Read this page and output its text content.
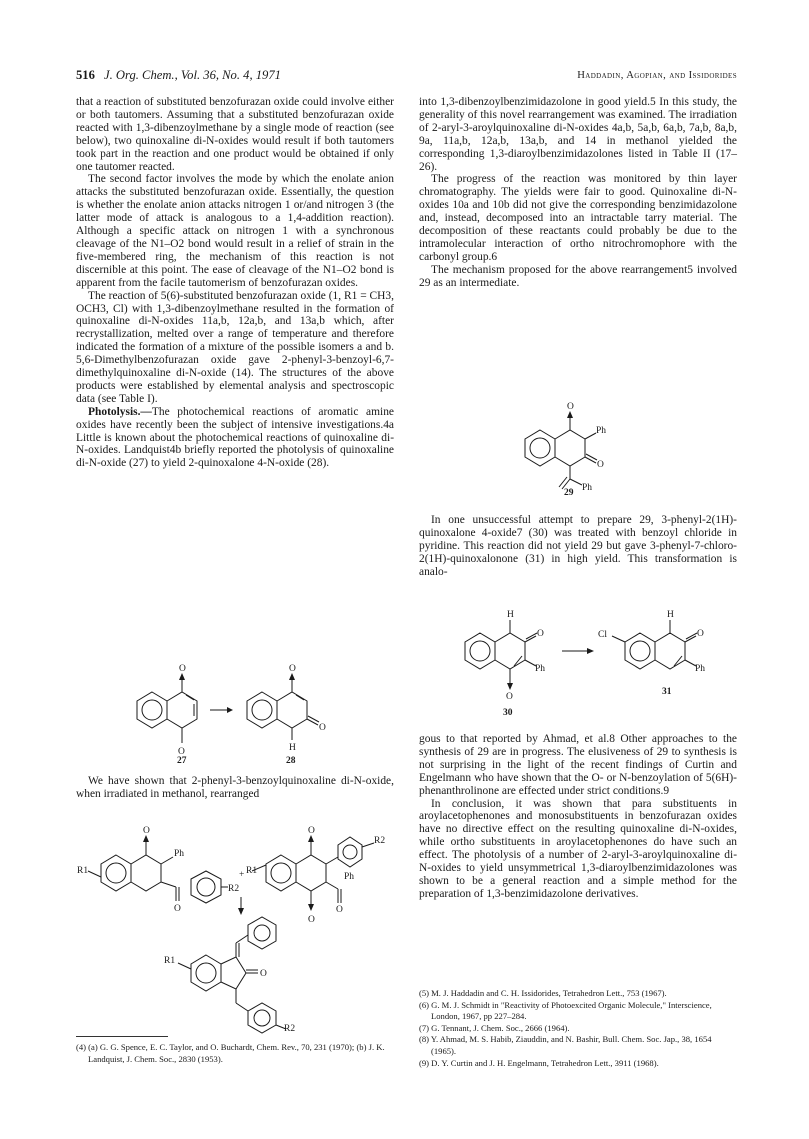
516 J. Org. Chem., Vol. 36, No. 4, 1971	Haddadin, Agopian, and Issidorides

that a reaction of substituted benzofurazan oxide could involve either or both tautomers. Assuming that a substituted benzofurazan oxide reacted with 1,3-dibenzoylmethane by a single mode of reaction (see below), two quinoxaline di-N-oxides would result if both tautomers took part in the reaction and one product would be obtained if only one tautomer reacted.

The second factor involves the mode by which the enolate anion attacks the substituted benzofurazan oxide. Essentially, the question is whether the enolate anion attacks nitrogen 1 or/and nitrogen 3 (the latter mode of attack is analogous to a 1,4-addition reaction). Although a specific attack on nitrogen 1 with a synchronous cleavage of the N1–O2 bond would result in a relief of strain in the five-membered ring, the mechanism of this reaction is not discernible at this point. The ease of cleavage of the N1–O2 bond is apparent from the facile tautomerism of benzofurazan oxides.

The reaction of 5(6)-substituted benzofurazan oxide (1, R1 = CH3, OCH3, Cl) with 1,3-dibenzoylmethane resulted in the formation of quinoxaline di-N-oxides 11a,b, 12a,b, and 13a,b which, after recrystallization, melted over a range of temperature and therefore indicated the formation of a mixture of the possible isomers a and b. 5,6-Dimethylbenzofurazan oxide gave 2-phenyl-3-benzoyl-6,7-dimethylquinoxaline di-N-oxide (14). The structures of the above products were established by elemental analysis and spectroscopic data (see Table I).

Photolysis.—The photochemical reactions of aromatic amine oxides have recently been the subject of intensive investigations.4a Little is known about the photochemical reactions of quinoxaline di-N-oxides. Landquist4b briefly reported the photolysis of quinoxaline di-N-oxide (27) to yield 2-quinoxalone 4-N-oxide (28).

O
O
O
H
O
27	28

We have shown that 2-phenyl-3-benzoylquinoxaline di-N-oxide, when irradiated in methanol, rearranged

O
Ph
R1
R2
O
+
O
O
R1
R2
Ph
O
R1
O
R2

into 1,3-dibenzoylbenzimidazolone in good yield.5 In this study, the generality of this novel rearrangement was examined. The irradiation of 2-aryl-3-aroylquinoxaline di-N-oxides 4a,b, 5a,b, 6a,b, 7a,b, 8a,b, 9a, 11a,b, 12a,b, 13a,b, and 14 in methanol yielded the corresponding 1,3-diaroylbenzimidazolones listed in Table II (17–26).

The progress of the reaction was monitored by thin layer chromatography. The yields were fair to good. Quinoxaline di-N-oxides 10a and 10b did not give the corresponding benzimidazolone and, instead, decomposed into an intractable tarry material. The decomposition of these reactants could probably be due to the intramolecular interaction of ortho nitrochromophore with the carbonyl group.6

The mechanism proposed for the above rearrangement5 involved 29 as an intermediate.

O
Ph
O
Ph
29

In one unsuccessful attempt to prepare 29, 3-phenyl-2(1H)-quinoxalone 4-oxide7 (30) was treated with benzoyl chloride in pyridine. This reaction did not yield 29 but gave 3-phenyl-7-chloro-2(1H)-quinoxalonone (31) in high yield. This transformation is analo-

H
O
Ph
O
30
H
O
Ph
Cl
31

gous to that reported by Ahmad, et al.8 Other approaches to the synthesis of 29 are in progress. The elusiveness of 29 to synthesis is not surprising in the light of the recent findings of Curtin and Engelmann who have shown that the O- or N-benzoylation of 5(6H)-phenanthrolinone are effected under strict conditions.9

In conclusion, it was shown that para substituents in aroylacetophenones and monosubstituents in benzofurazan oxides have no directive effect on the resulting quinoxaline di-N-oxides, while ortho substituents in aroylacetophenones do have such an effect. The photolysis of a number of 2-aryl-3-aroylquinoxaline di-N-oxides to yield unsymmetrical 1,3-diaroylbenzimidazolones was shown to be a general reaction and a simple method for the preparation of 1,3-benzimidazolone derivatives.

(4) (a) G. G. Spence, E. C. Taylor, and O. Buchardt, Chem. Rev., 70, 231 (1970); (b) J. K. Landquist, J. Chem. Soc., 2830 (1953).

(5) M. J. Haddadin and C. H. Issidorides, Tetrahedron Lett., 753 (1967).

(6) G. M. J. Schmidt in "Reactivity of Photoexcited Organic Molecule," Interscience, London, 1967, pp 227–284.

(7) G. Tennant, J. Chem. Soc., 2666 (1964).

(8) Y. Ahmad, M. S. Habib, Ziauddin, and N. Bashir, Bull. Chem. Soc. Jap., 38, 1654 (1965).

(9) D. Y. Curtin and J. H. Engelmann, Tetrahedron Lett., 3911 (1968).
